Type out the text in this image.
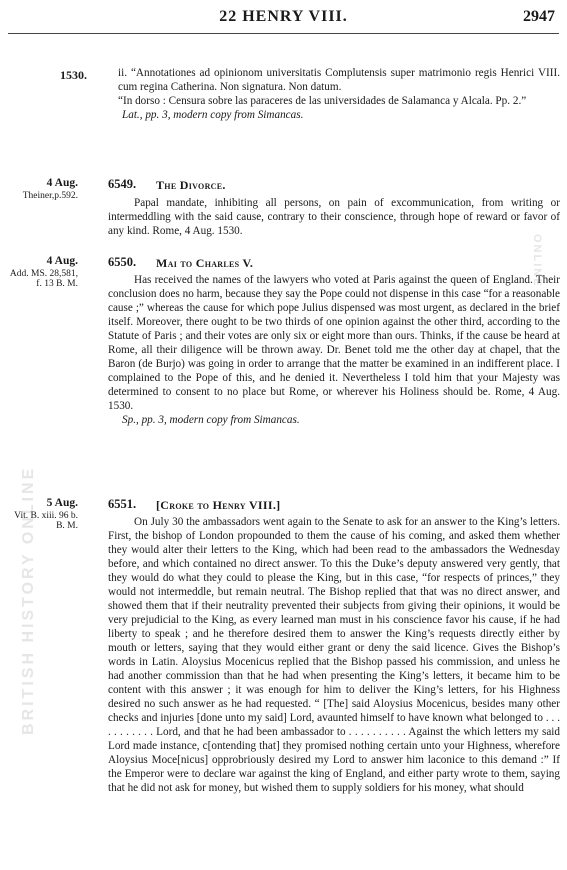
BRITISH HISTORY ONLINE
ONLINE
22 HENRY VIII.	2947
1530.	ii. “Annotationes ad opinionom universitatis Complutensis super matrimonio regis Henrici VIII. cum regina Catherina. Non signatura. Non datum.

“In dorso : Censura sobre las paraceres de las universidades de Salamanca y Alcala. Pp. 2.”

Lat., pp. 3, modern copy from Simancas.

4 Aug.
Theiner,p.592.
6549. The Divorce.

Papal mandate, inhibiting all persons, on pain of excommunication, from writing or intermeddling with the said cause, contrary to their conscience, through hope of reward or favor of any kind. Rome, 4 Aug. 1530.

4 Aug.
Add. MS. 28,581, f. 13 B. M.
6550. Mai to Charles V.

Has received the names of the lawyers who voted at Paris against the queen of England. Their conclusion does no harm, because they say the Pope could not dispense in this case “for a reasonable cause ;” whereas the cause for which pope Julius dispensed was most urgent, as declared in the brief itself. Moreover, there ought to be two thirds of one opinion against the other third, according to the Statute of Paris ; and their votes are only six or eight more than ours. Thinks, if the cause be heard at Rome, all their diligence will be thrown away. Dr. Benet told me the other day at chapel, that the Baron (de Burjo) was going in order to arrange that the matter be examined in an indifferent place. I complained to the Pope of this, and he denied it. Nevertheless I told him that your Majesty was determined to consent to no place but Rome, or wherever his Holiness should be. Rome, 4 Aug. 1530.

Sp., pp. 3, modern copy from Simancas.

5 Aug.
Vit. B. xiii. 96 b. B. M.
6551. [Croke to Henry VIII.]

On July 30 the ambassadors went again to the Senate to ask for an answer to the King’s letters. First, the bishop of London propounded to them the cause of his coming, and asked them whether they would alter their letters to the King, which had been read to the ambassadors the Wednesday before, and which contained no direct answer. To this the Duke’s deputy answered very gently, that they would do what they could to please the King, but in this case, “for respects of princes,” they would not intermeddle, but remain neutral. The Bishop replied that that was no direct answer, and showed them that if their neutrality prevented their subjects from giving their opinions, it would be very prejudicial to the King, as every learned man must in his conscience favor his cause, if he had liberty to speak ; and he therefore desired them to answer the King’s requests directly either by mouth or letters, saying that they would either grant or deny the said licence. Gives the Bishop’s words in Latin. Aloysius Mocenicus replied that the Bishop passed his commission, and unless he had another commission than that he had when presenting the King’s letters, it became him to be content with this answer ; it was enough for him to deliver the King’s letters, for his Highness desired no such answer as he had requested. “ [The] said Aloysius Mocenicus, besides many other checks and injuries [done unto my said] Lord, avaunted himself to have known what belonged to . . . . . . . . . . . Lord, and that he had been ambassador to . . . . . . . . . . Against the which letters my said Lord made instance, c[ontending that] they promised nothing certain unto your Highness, wherefore Aloysius Moce[nicus] opprobriously desired my Lord to answer him laconice to this demand :” If the Emperor were to declare war against the king of England, and either party wrote to them, saying that he did not ask for money, but wished them to supply soldiers for his money, what should
